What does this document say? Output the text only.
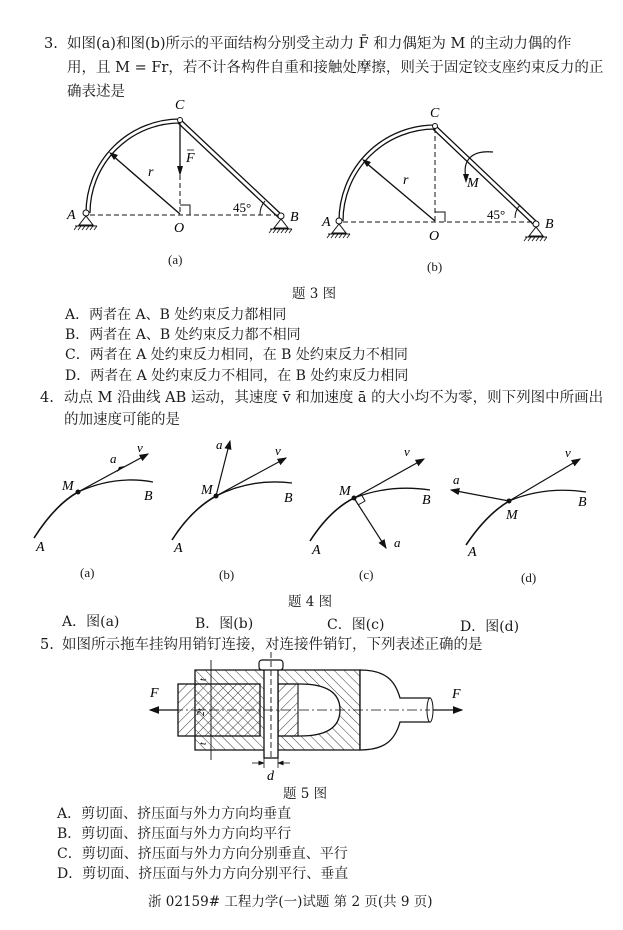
3. 如图(a)和图(b)所示的平面结构分别受主动力 F̄ 和力偶矩为 M 的主动力偶的作
用，且 M = Fr，若不计各构件自重和接触处摩擦，则关于固定铰支座约束反力的正
确表述是
A	B
C
O
r
F
45°
(a)
A	B
C
O
r	M
45°
(b)
题 3 图
A．两者在 A、B 处约束反力都相同
B．两者在 A、B 处约束反力都不相同
C．两者在 A 处约束反力相同，在 B 处约束反力不相同
D．两者在 A 处约束反力不相同，在 B 处约束反力相同
4. 动点 M 沿曲线 AB 运动，其速度 v̄ 和加速度 ā 的大小均不为零，则下列图中所画出
的加速度可能的是
M
B
A
a
v
M
B
A
a	v
M
B
A
a
v
M
B
A
a
v
(a)	(b)	(c)	(d)
题 4 图
A．图(a)	B．图(b)	C．图(c)	D．图(d)
5. 如图所示拖车挂钩用销钉连接，对连接件销钉，下列表述正确的是
F	F
t
2t
t
d
题 5 图
A．剪切面、挤压面与外力方向均垂直
B．剪切面、挤压面与外力方向均平行
C．剪切面、挤压面与外力方向分别垂直、平行
D．剪切面、挤压面与外力方向分别平行、垂直
浙 02159# 工程力学(一)试题 第 2 页(共 9 页)
